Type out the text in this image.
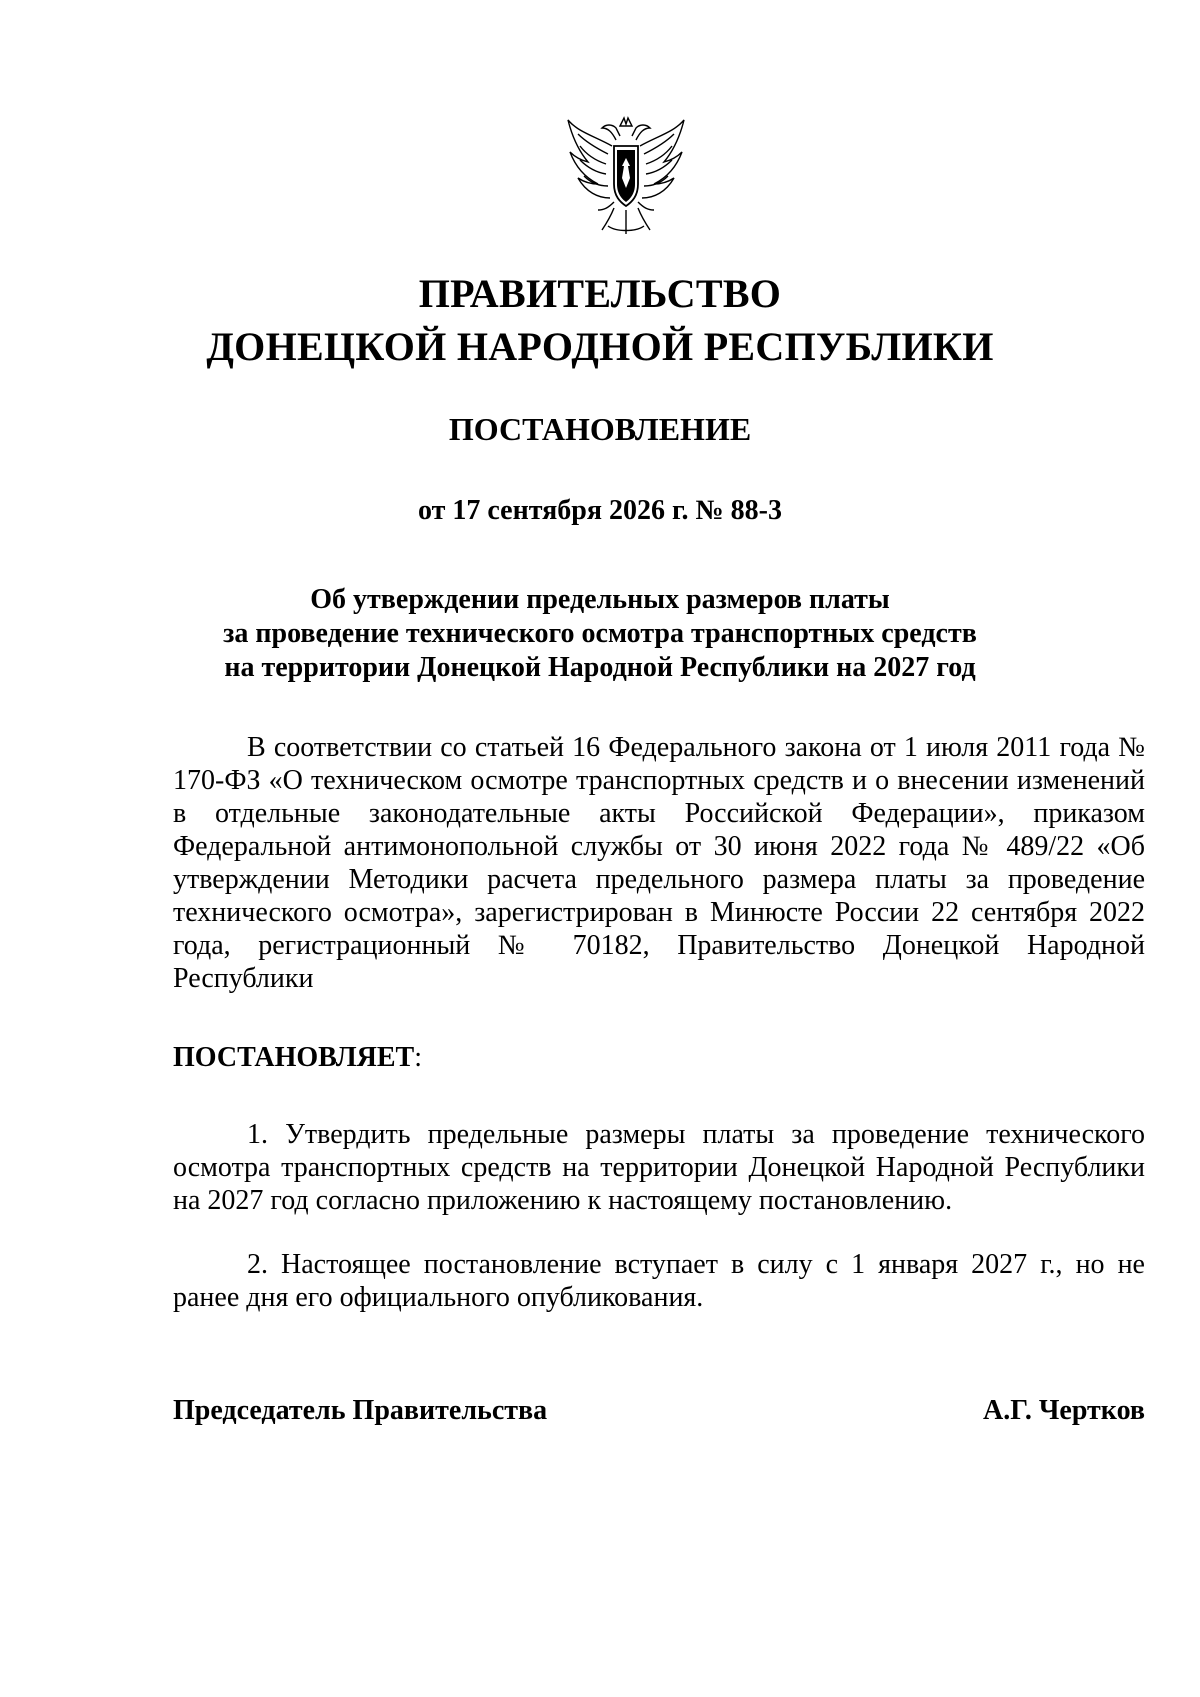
ПРАВИТЕЛЬСТВО
ДОНЕЦКОЙ НАРОДНОЙ РЕСПУБЛИКИ
ПОСТАНОВЛЕНИЕ
от 17 сентября 2026 г. № 88-3
Об утверждении предельных размеров платы
за проведение технического осмотра транспортных средств
на территории Донецкой Народной Республики на 2027 год
В соответствии со статьей 16 Федерального закона от 1 июля 2011 года № 170-ФЗ «О техническом осмотре транспортных средств и о внесении изменений в отдельные законодательные акты Российской Федерации», приказом Федеральной антимонопольной службы от 30 июня 2022 года № 489/22 «Об утверждении Методики расчета предельного размера платы за проведение технического осмотра», зарегистрирован в Минюсте России 22 сентября 2022 года, регистрационный № 70182, Правительство Донецкой Народной Республики
ПОСТАНОВЛЯЕТ:
1. Утвердить предельные размеры платы за проведение технического осмотра транспортных средств на территории Донецкой Народной Республики на 2027 год согласно приложению к настоящему постановлению.
2. Настоящее постановление вступает в силу с 1 января 2027 г., но не ранее дня его официального опубликования.
Председатель Правительства	А.Г. Чертков
